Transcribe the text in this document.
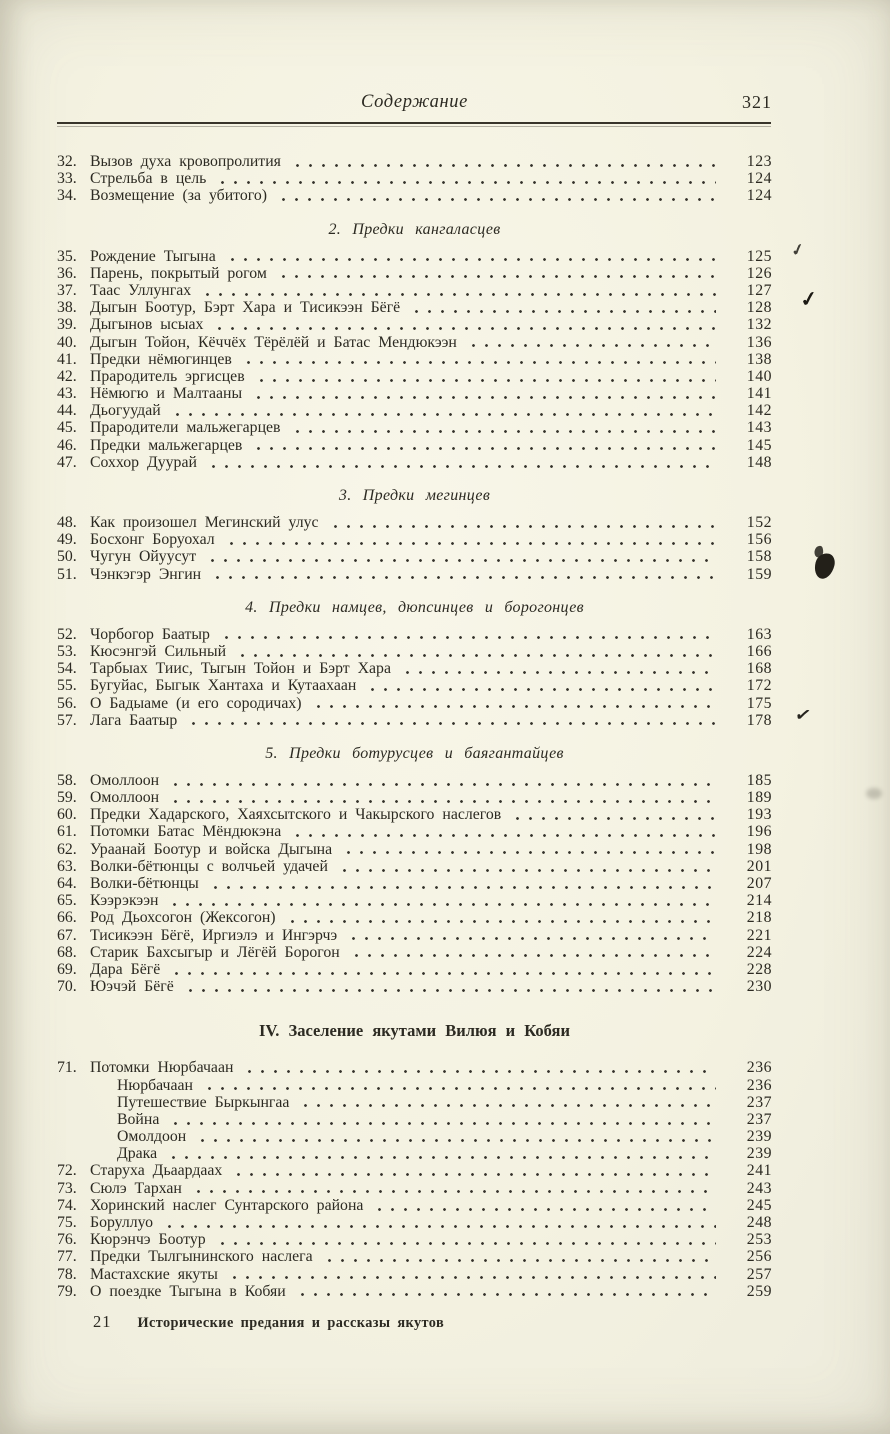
Содержание	321
32. Вызов духа кровопролития	123
33. Стрельба в цель	124
34. Возмещение (за убитого)	124
2. Предки кангаласцев
35. Рождение Тыгына	125
36. Парень, покрытый рогом	126
37. Таас Уллунгах	127
38. Дыгын Боотур, Бэрт Хара и Тисикээн Бёгё	128
39. Дыгынов ысыах	132
40. Дыгын Тойон, Кёччёх Тёрёлёй и Батас Мендюкээн	136
41. Предки нёмюгинцев	138
42. Прародитель эргисцев	140
43. Нёмюгю и Малтааны	141
44. Дьогуудай	142
45. Прародители мальжегарцев	143
46. Предки мальжегарцев	145
47. Соххор Дуурай	148
3. Предки мегинцев
48. Как произошел Мегинский улус	152
49. Босхонг Боруохал	156
50. Чугун Ойуусут	158
51. Чэнкэгэр Энгин	159
4. Предки намцев, дюпсинцев и борогонцев
52. Чорбогор Баатыр	163
53. Кюсэнгэй Сильный	166
54. Тарбыах Тиис, Тыгын Тойон и Бэрт Хара	168
55. Бугуйас, Быгык Хантаха и Кутаахаан	172
56. О Бадыаме (и его сородичах)	175
57. Лага Баатыр	178
5. Предки ботурусцев и баягантайцев
58. Омоллоон	185
59. Омоллоон	189
60. Предки Хадарского, Хаяхсытского и Чакырского наслегов	193
61. Потомки Батас Мёндюкэна	196
62. Ураанай Боотур и войска Дыгына	198
63. Волки-бётюнцы с волчьей удачей	201
64. Волки-бётюнцы	207
65. Кээрэкээн	214
66. Род Дьохсогон (Жексогон)	218
67. Тисикээн Бёгё, Иргиэлэ и Ингэрчэ	221
68. Старик Бахсыгыр и Лёгёй Борогон	224
69. Дара Бёгё	228
70. Юэчэй Бёгё	230
IV. Заселение якутами Вилюя и Кобяи
71. Потомки Нюрбачаан	236
Нюрбачаан	236
Путешествие Быркынгаа	237
Война	237
Омолдоон	239
Драка	239
72. Старуха Дьаардаах	241
73. Сюлэ Тархан	243
74. Хоринский наслег Сунтарского района	245
75. Боруллуо	248
76. Кюрэнчэ Боотур	253
77. Предки Тылгынинского наслега	256
78. Мастахские якуты	257
79. О поездке Тыгына в Кобяи	259
21 Исторические предания и рассказы якутов
✓
✓
✓
